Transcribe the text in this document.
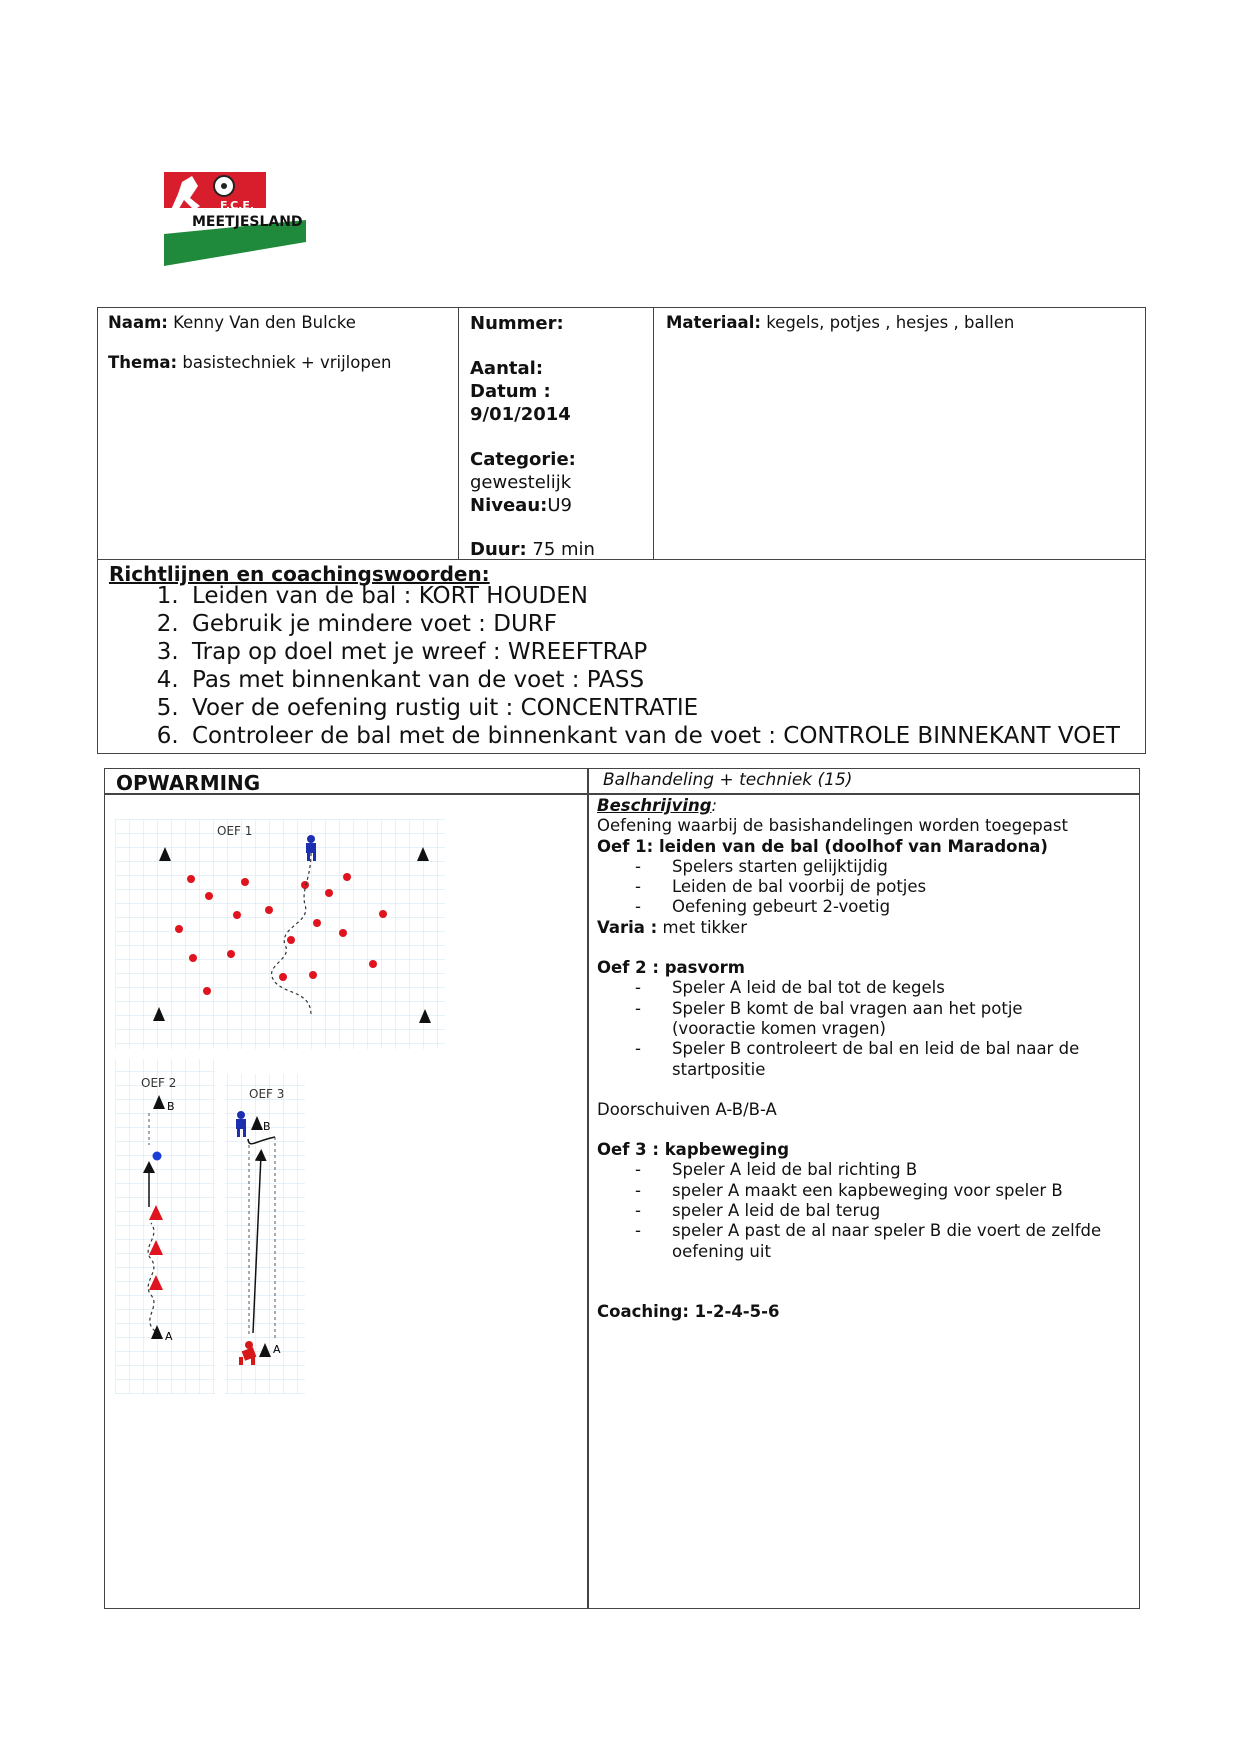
F.C.E.
MEETJESLAND
Naam: Kenny Van den Bulcke
Thema: basistechniek + vrijlopen
Nummer:
Aantal:
Datum :
9/01/2014
Categorie:
gewestelijk
Niveau:U9
Duur: 75 min
Materiaal: kegels, potjes , hesjes , ballen
Richtlijnen en coachingswoorden:
1. Leiden van de bal : KORT HOUDEN
2. Gebruik je mindere voet : DURF
3. Trap op doel met je wreef : WREEFTRAP
4. Pas met binnenkant van de voet : PASS
5. Voer de oefening rustig uit : CONCENTRATIE
6. Controleer de bal met de binnenkant van de voet : CONTROLE BINNEKANT VOET
OPWARMING	Balhandeling + techniek (15)
OEF 1
OEF 2
B
A
OEF 3
B
A
Beschrijving:
Oefening waarbij de basishandelingen worden toegepast
Oef 1: leiden van de bal (doolhof van Maradona)
- Spelers starten gelijktijdig
- Leiden de bal voorbij de potjes
- Oefening gebeurt 2-voetig
Varia : met tikker
Oef 2 : pasvorm
- Speler A leid de bal tot de kegels
- Speler B komt de bal vragen aan het potje
(vooractie komen vragen)
- Speler B controleert de bal en leid de bal naar de
startpositie
Doorschuiven A-B/B-A
Oef 3 : kapbeweging
- Speler A leid de bal richting B
- speler A maakt een kapbeweging voor speler B
- speler A leid de bal terug
- speler A past de al naar speler B die voert de zelfde
oefening uit
Coaching: 1-2-4-5-6
